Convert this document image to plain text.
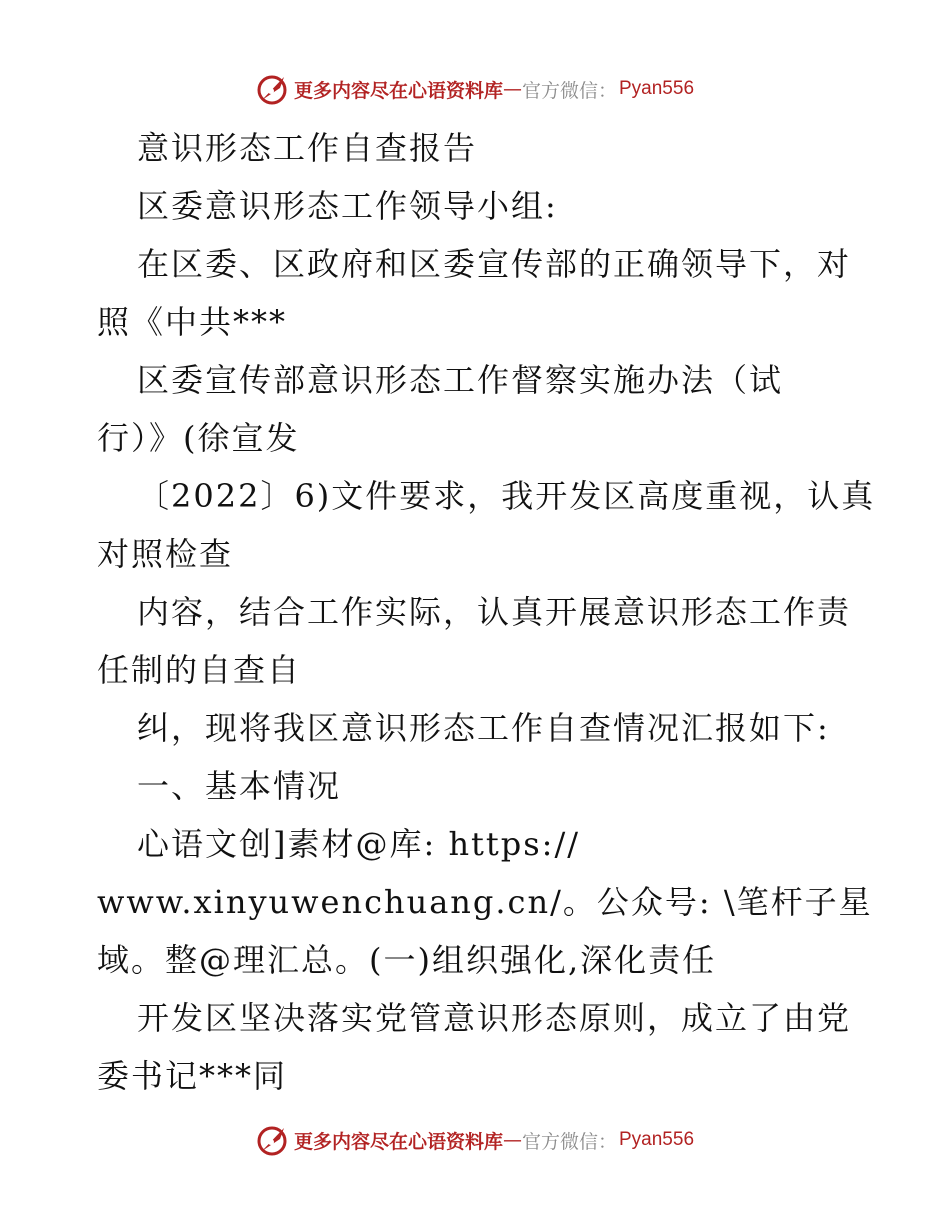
更多内容尽在心语资料库 — 官方微信： Pyan556
意识形态工作自查报告
区委意识形态工作领导小组:
在区委、区政府和区委宣传部的正确领导下，对
照《中共***
区委宣传部意识形态工作督察实施办法（试
行）》(徐宣发
〔2022〕6)文件要求，我开发区高度重视，认真
对照检查
内容，结合工作实际，认真开展意识形态工作责
任制的自查自
纠，现将我区意识形态工作自查情况汇报如下:
一、基本情况
心语文创]素材@库: https://
www.xinyuwenchuang.cn/。公众号: \笔杆子星
域。整@理汇总。(一)组织强化,深化责任
开发区坚决落实党管意识形态原则，成立了由党
委书记***同
更多内容尽在心语资料库 — 官方微信： Pyan556
